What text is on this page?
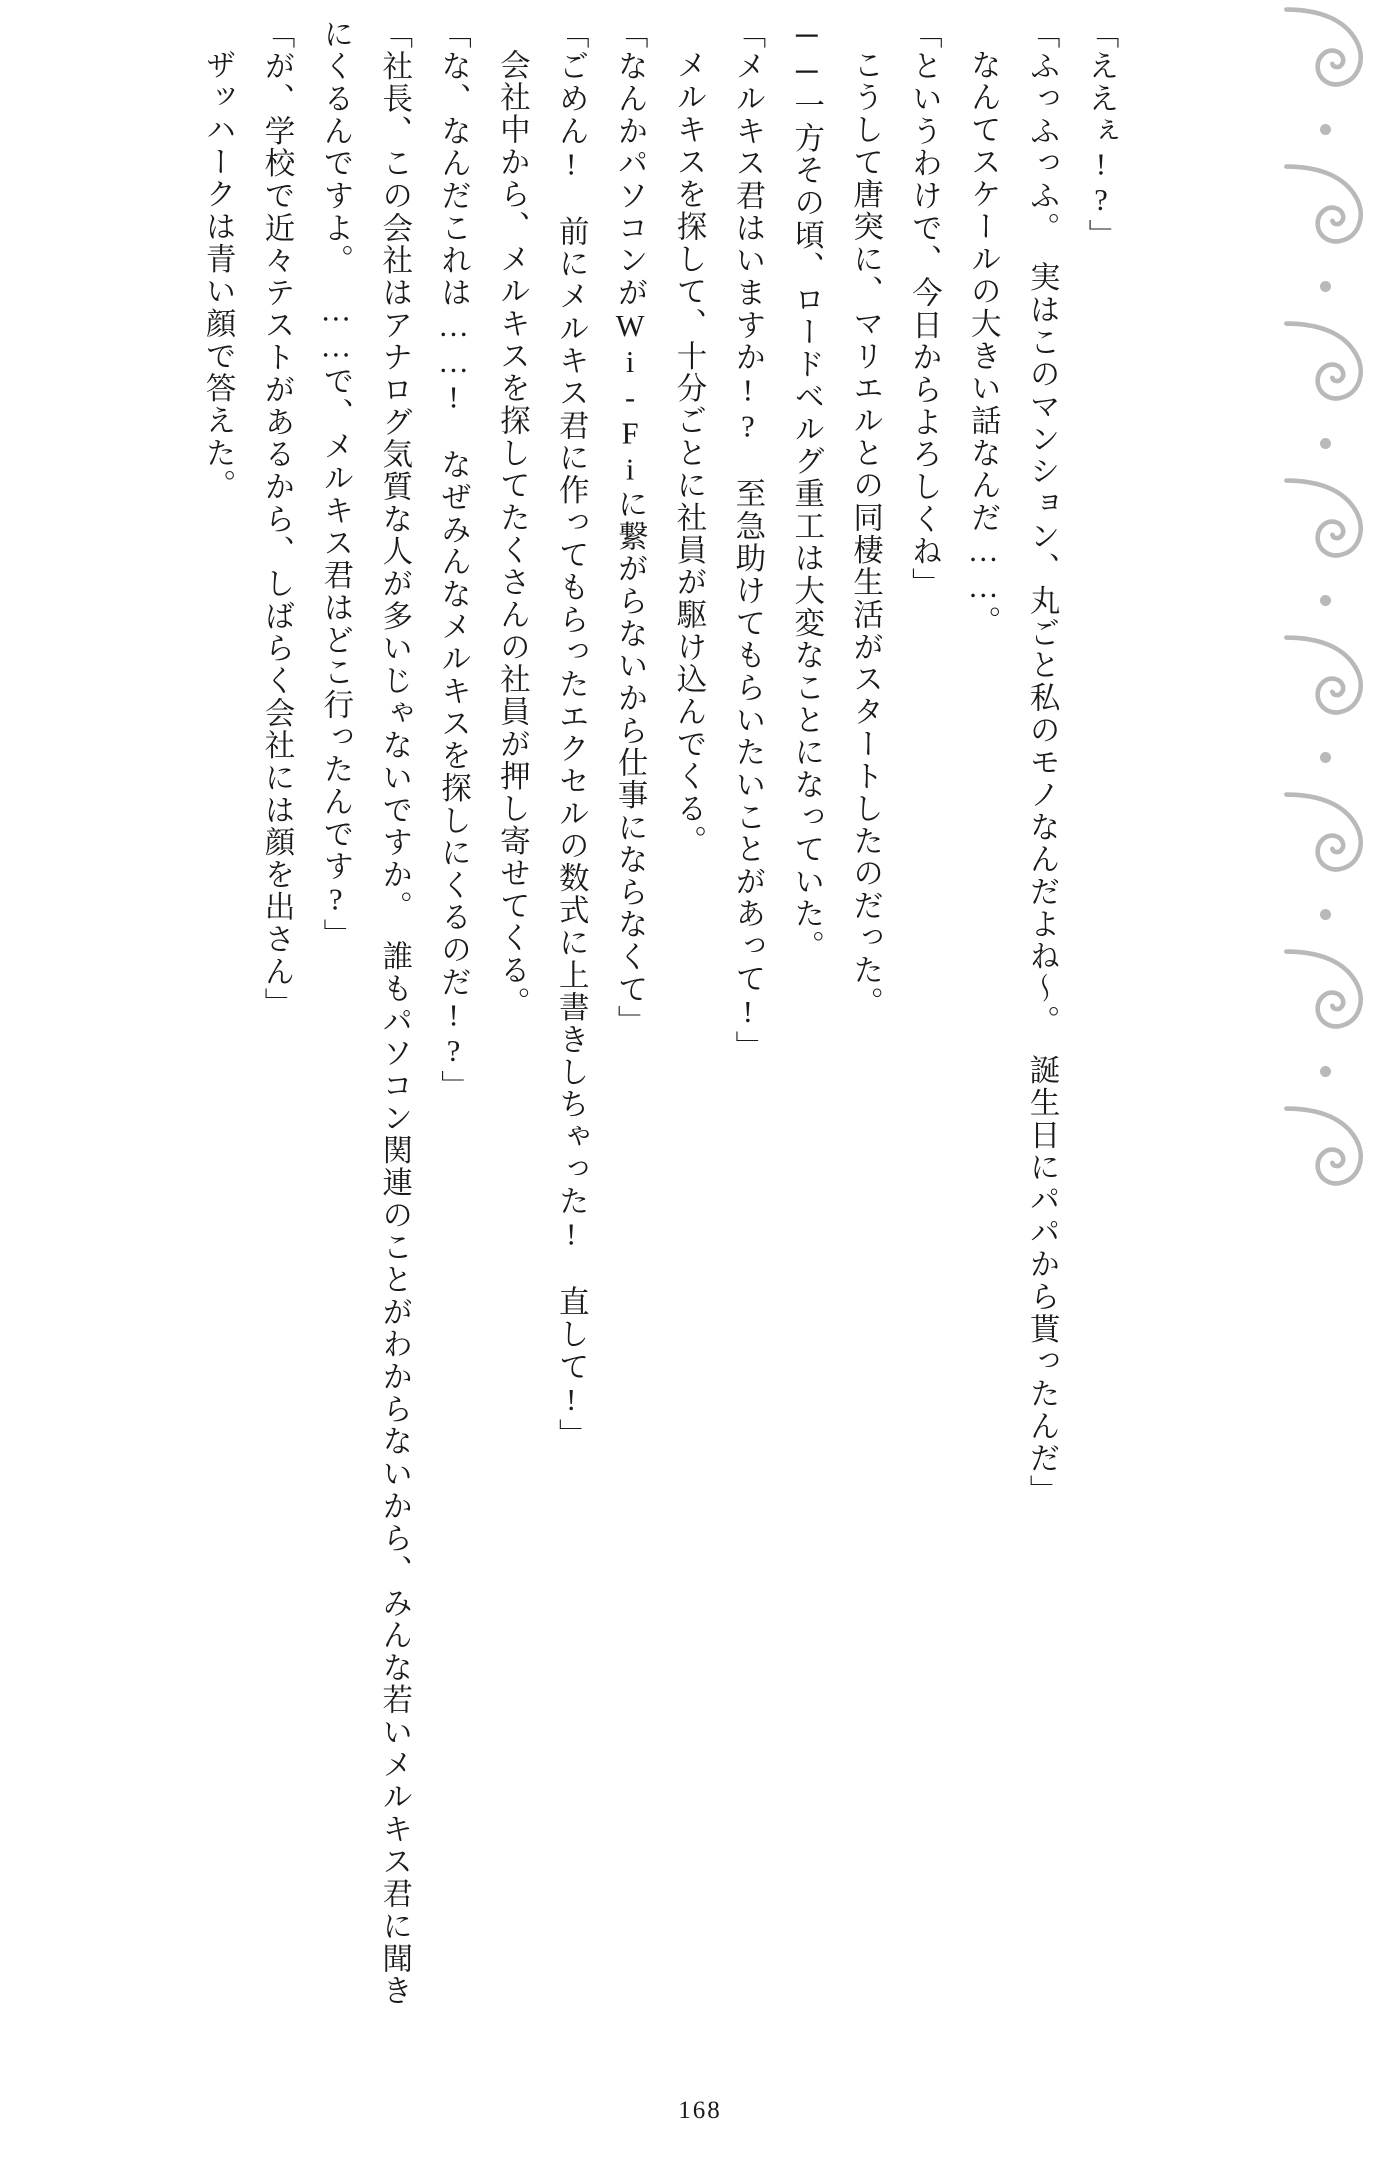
「ええぇ!?」

「ふっふっふ。　実はこのマンション、丸ごと私のモノなんだよね～。　誕生日にパパから貰ったんだ」

なんてスケールの大きい話なんだ……。

「というわけで、今日からよろしくね」

こうして唐突に、マリエルとの同棲生活がスタートしたのだった。

──一方その頃、ロードベルグ重工は大変なことになっていた。

「メルキス君はいますか!?　至急助けてもらいたいことがあって!」

メルキスを探して、十分ごとに社員が駆け込んでくる。

「なんかパソコンがWi-Fiに繋がらないから仕事にならなくて」

「ごめん!　前にメルキス君に作ってもらったエクセルの数式に上書きしちゃった!　直して!」

会社中から、メルキスを探してたくさんの社員が押し寄せてくる。

「な、なんだこれは……!　なぜみんなメルキスを探しにくるのだ!?」

「社長、この会社はアナログ気質な人が多いじゃないですか。　誰もパソコン関連のことがわからないから、みんな若いメルキス君に聞きにくるんですよ。　……で、メルキス君はどこ行ったんです?」

「が、学校で近々テストがあるから、しばらく会社には顔を出さん」

ザッハークは青い顔で答えた。

168
